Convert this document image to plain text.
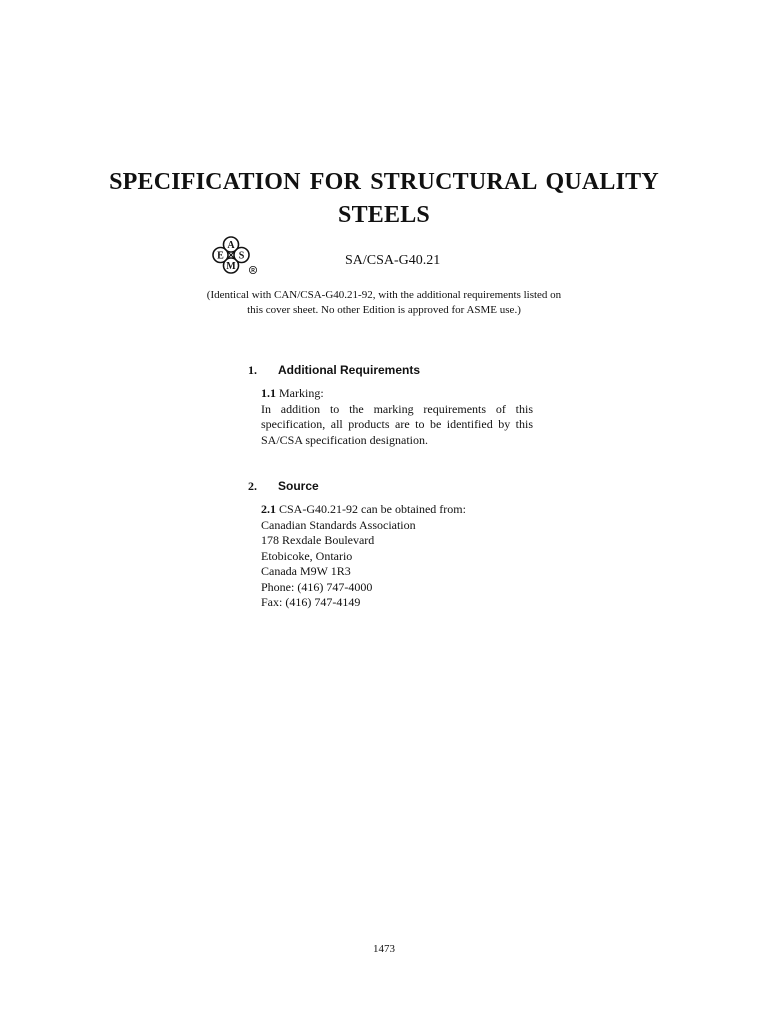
SPECIFICATION FOR STRUCTURAL QUALITY
STEELS
A
S
M
E
R
SA/CSA-G40.21
(Identical with CAN/CSA-G40.21-92, with the additional requirements listed on
this cover sheet. No other Edition is approved for ASME use.)
1. Additional Requirements
1.1 Marking:
In addition to the marking requirements of this
specification, all products are to be identified by this
SA/CSA specification designation.
2. Source
2.1 CSA-G40.21-92 can be obtained from:
Canadian Standards Association
178 Rexdale Boulevard
Etobicoke, Ontario
Canada M9W 1R3
Phone: (416) 747-4000
Fax: (416) 747-4149
1473
